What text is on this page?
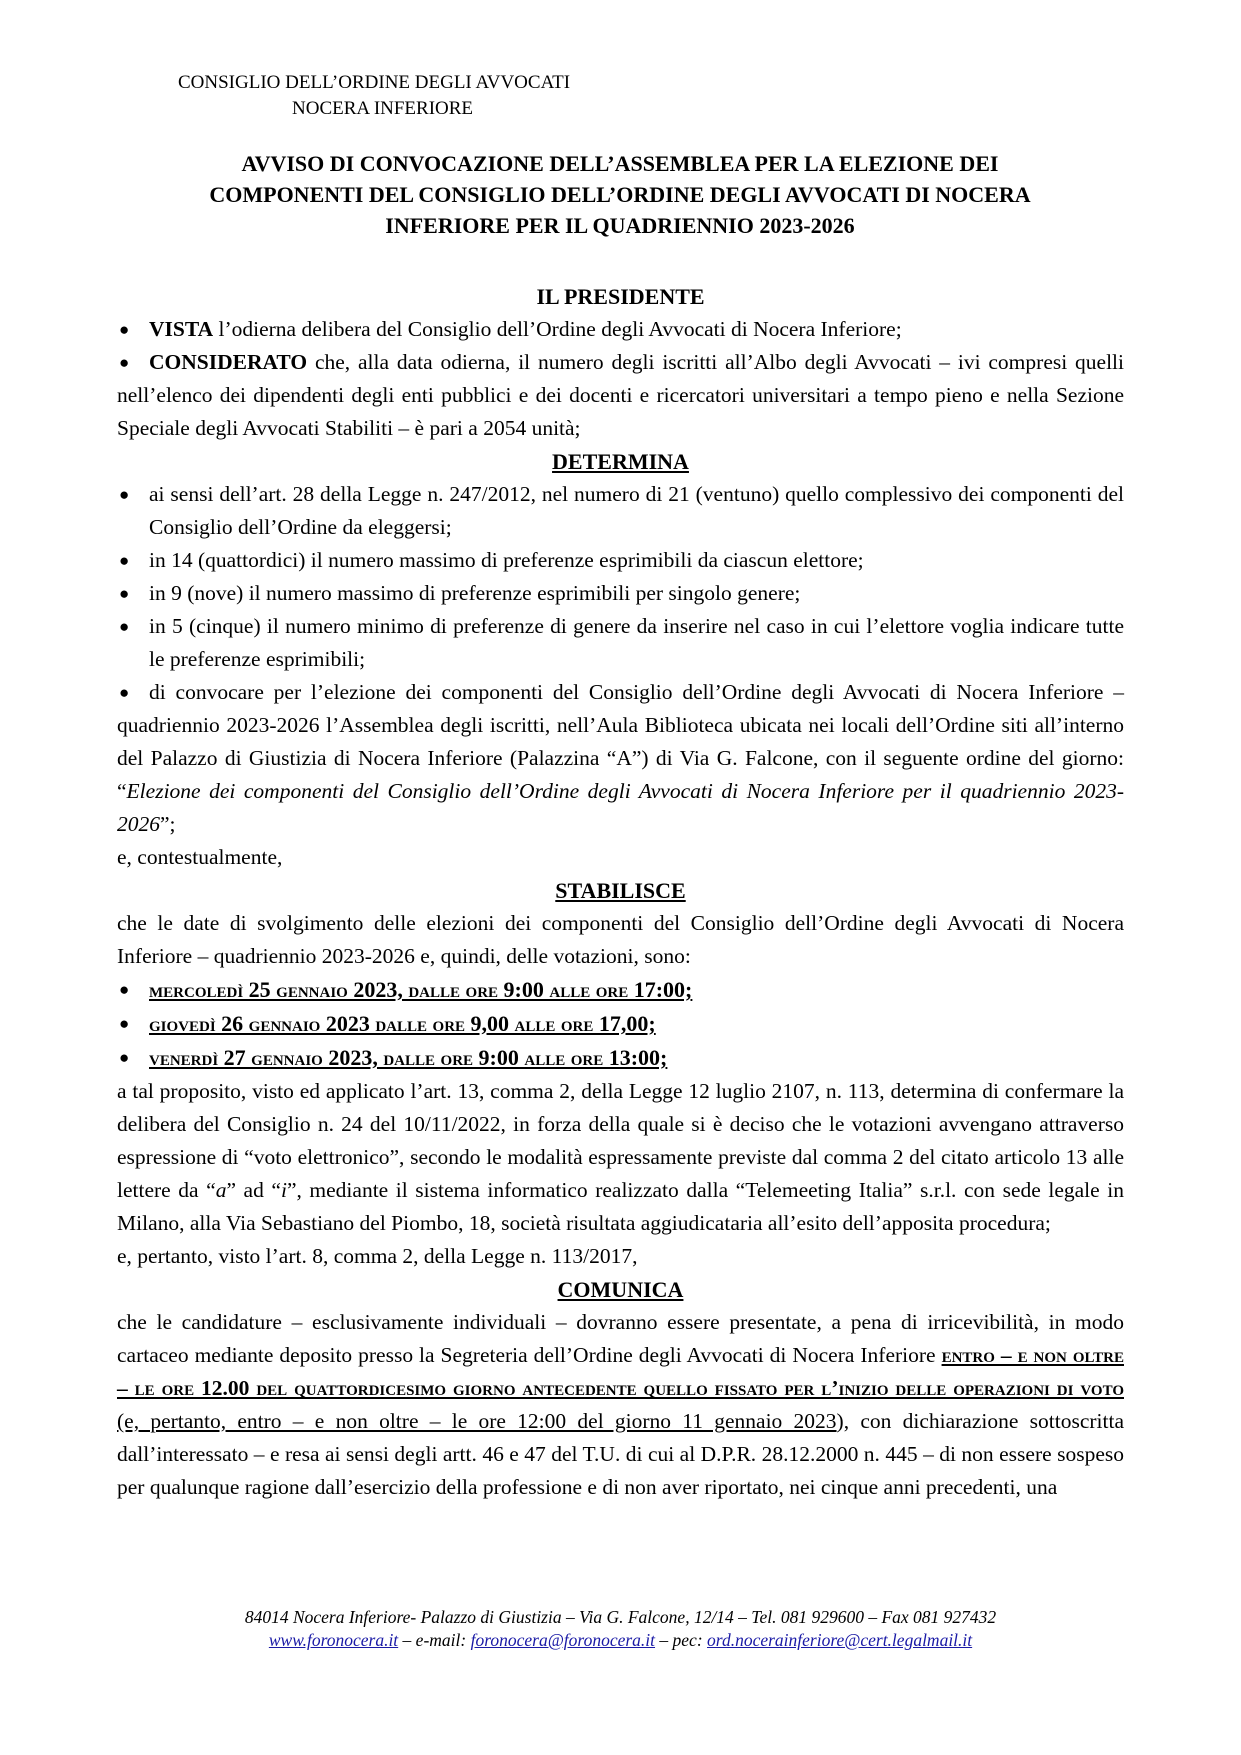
CONSIGLIO DELL’ORDINE DEGLI AVVOCATI
NOCERA INFERIORE
AVVISO DI CONVOCAZIONE DELL’ASSEMBLEA PER LA ELEZIONE DEI
COMPONENTI DEL CONSIGLIO DELL’ORDINE DEGLI AVVOCATI DI NOCERA
INFERIORE PER IL QUADRIENNIO 2023-2026
IL PRESIDENTE

● VISTA l’odierna delibera del Consiglio dell’Ordine degli Avvocati di Nocera Inferiore;

● CONSIDERATO che, alla data odierna, il numero degli iscritti all’Albo degli Avvocati – ivi compresi quelli nell’elenco dei dipendenti degli enti pubblici e dei docenti e ricercatori universitari a tempo pieno e nella Sezione Speciale degli Avvocati Stabiliti – è pari a 2054 unità;

DETERMINA

● ai sensi dell’art. 28 della Legge n. 247/2012, nel numero di 21 (ventuno) quello complessivo dei componenti del Consiglio dell’Ordine da eleggersi;

● in 14 (quattordici) il numero massimo di preferenze esprimibili da ciascun elettore;

● in 9 (nove) il numero massimo di preferenze esprimibili per singolo genere;

● in 5 (cinque) il numero minimo di preferenze di genere da inserire nel caso in cui l’elettore voglia indicare tutte le preferenze esprimibili;

● di convocare per l’elezione dei componenti del Consiglio dell’Ordine degli Avvocati di Nocera Inferiore – quadriennio 2023-2026 l’Assemblea degli iscritti, nell’Aula Biblioteca ubicata nei locali dell’Ordine siti all’interno del Palazzo di Giustizia di Nocera Inferiore (Palazzina “A”) di Via G. Falcone, con il seguente ordine del giorno: “Elezione dei componenti del Consiglio dell’Ordine degli Avvocati di Nocera Inferiore per il quadriennio 2023-2026”;

e, contestualmente,

STABILISCE

che le date di svolgimento delle elezioni dei componenti del Consiglio dell’Ordine degli Avvocati di Nocera Inferiore – quadriennio 2023-2026 e, quindi, delle votazioni, sono:

● mercoledì 25 gennaio 2023, dalle ore 9:00 alle ore 17:00;

● giovedì 26 gennaio 2023 dalle ore 9,00 alle ore 17,00;

● venerdì 27 gennaio 2023, dalle ore 9:00 alle ore 13:00;

a tal proposito, visto ed applicato l’art. 13, comma 2, della Legge 12 luglio 2107, n. 113, determina di confermare la delibera del Consiglio n. 24 del 10/11/2022, in forza della quale si è deciso che le votazioni avvengano attraverso espressione di “voto elettronico”, secondo le modalità espressamente previste dal comma 2 del citato articolo 13 alle lettere da “a” ad “i”, mediante il sistema informatico realizzato dalla “Telemeeting Italia” s.r.l. con sede legale in Milano, alla Via Sebastiano del Piombo, 18, società risultata aggiudicataria all’esito dell’apposita procedura;

e, pertanto, visto l’art. 8, comma 2, della Legge n. 113/2017,

COMUNICA

che le candidature – esclusivamente individuali – dovranno essere presentate, a pena di irricevibilità, in modo cartaceo mediante deposito presso la Segreteria dell’Ordine degli Avvocati di Nocera Inferiore entro – e non oltre – le ore 12.00 del quattordicesimo giorno antecedente quello fissato per l’inizio delle operazioni di voto (e, pertanto, entro – e non oltre – le ore 12:00 del giorno 11 gennaio 2023), con dichiarazione sottoscritta dall’interessato – e resa ai sensi degli artt. 46 e 47 del T.U. di cui al D.P.R. 28.12.2000 n. 445 – di non essere sospeso per qualunque ragione dall’esercizio della professione e di non aver riportato, nei cinque anni precedenti, una

84014 Nocera Inferiore- Palazzo di Giustizia – Via G. Falcone, 12/14 – Tel. 081 929600 – Fax 081 927432
www.foronocera.it – e-mail: foronocera@foronocera.it – pec: ord.nocerainferiore@cert.legalmail.it
